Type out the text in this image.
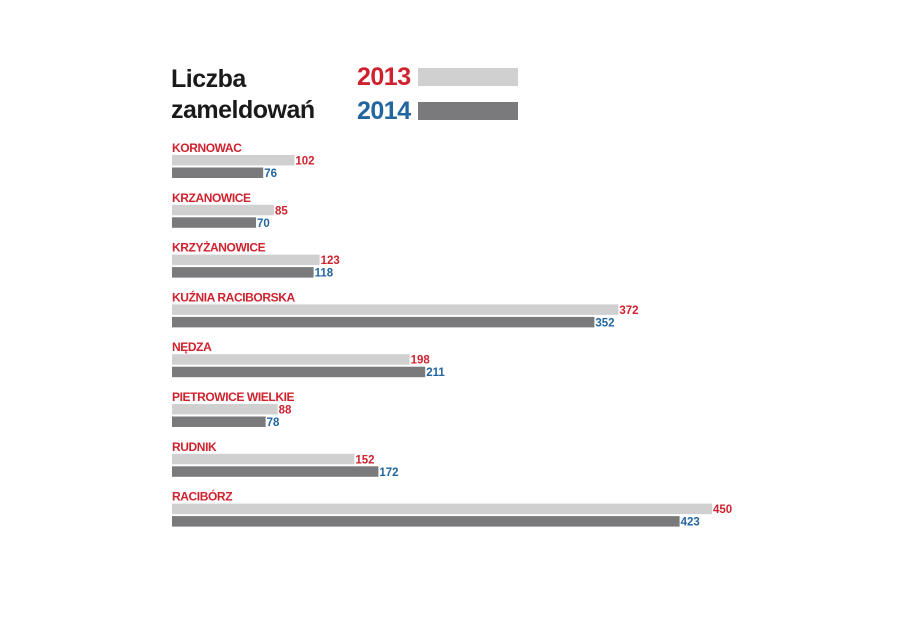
Liczba
zameldowań
2013
2014
KORNOWAC
102
76
KRZANOWICE
85
70
KRZYŻANOWICE
123
118
KUŹNIA RACIBORSKA
372
352
NĘDZA
198
211
PIETROWICE WIELKIE
88
78
RUDNIK
152
172
RACIBÓRZ
450
423
